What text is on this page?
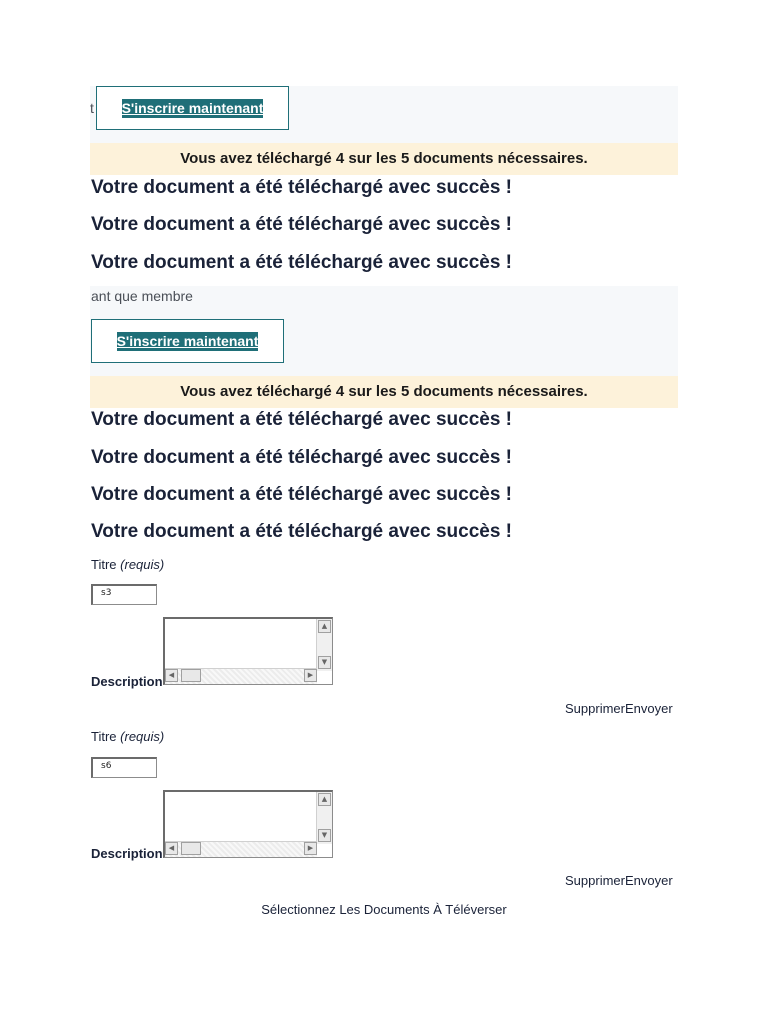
t S'inscrire maintenant
Vous avez téléchargé 4 sur les 5 documents nécessaires.
Votre document a été téléchargé avec succès !
Votre document a été téléchargé avec succès !
Votre document a été téléchargé avec succès !
ant que membre
S'inscrire maintenant
Vous avez téléchargé 4 sur les 5 documents nécessaires.
Votre document a été téléchargé avec succès !
Votre document a été téléchargé avec succès !
Votre document a été téléchargé avec succès !
Votre document a été téléchargé avec succès !
Titre (requis)
s3
Description
▲
▼
◀	▶
SupprimerEnvoyer
Titre (requis)
s6
Description
▲
▼
◀	▶
SupprimerEnvoyer
Sélectionnez Les Documents À Téléverser
